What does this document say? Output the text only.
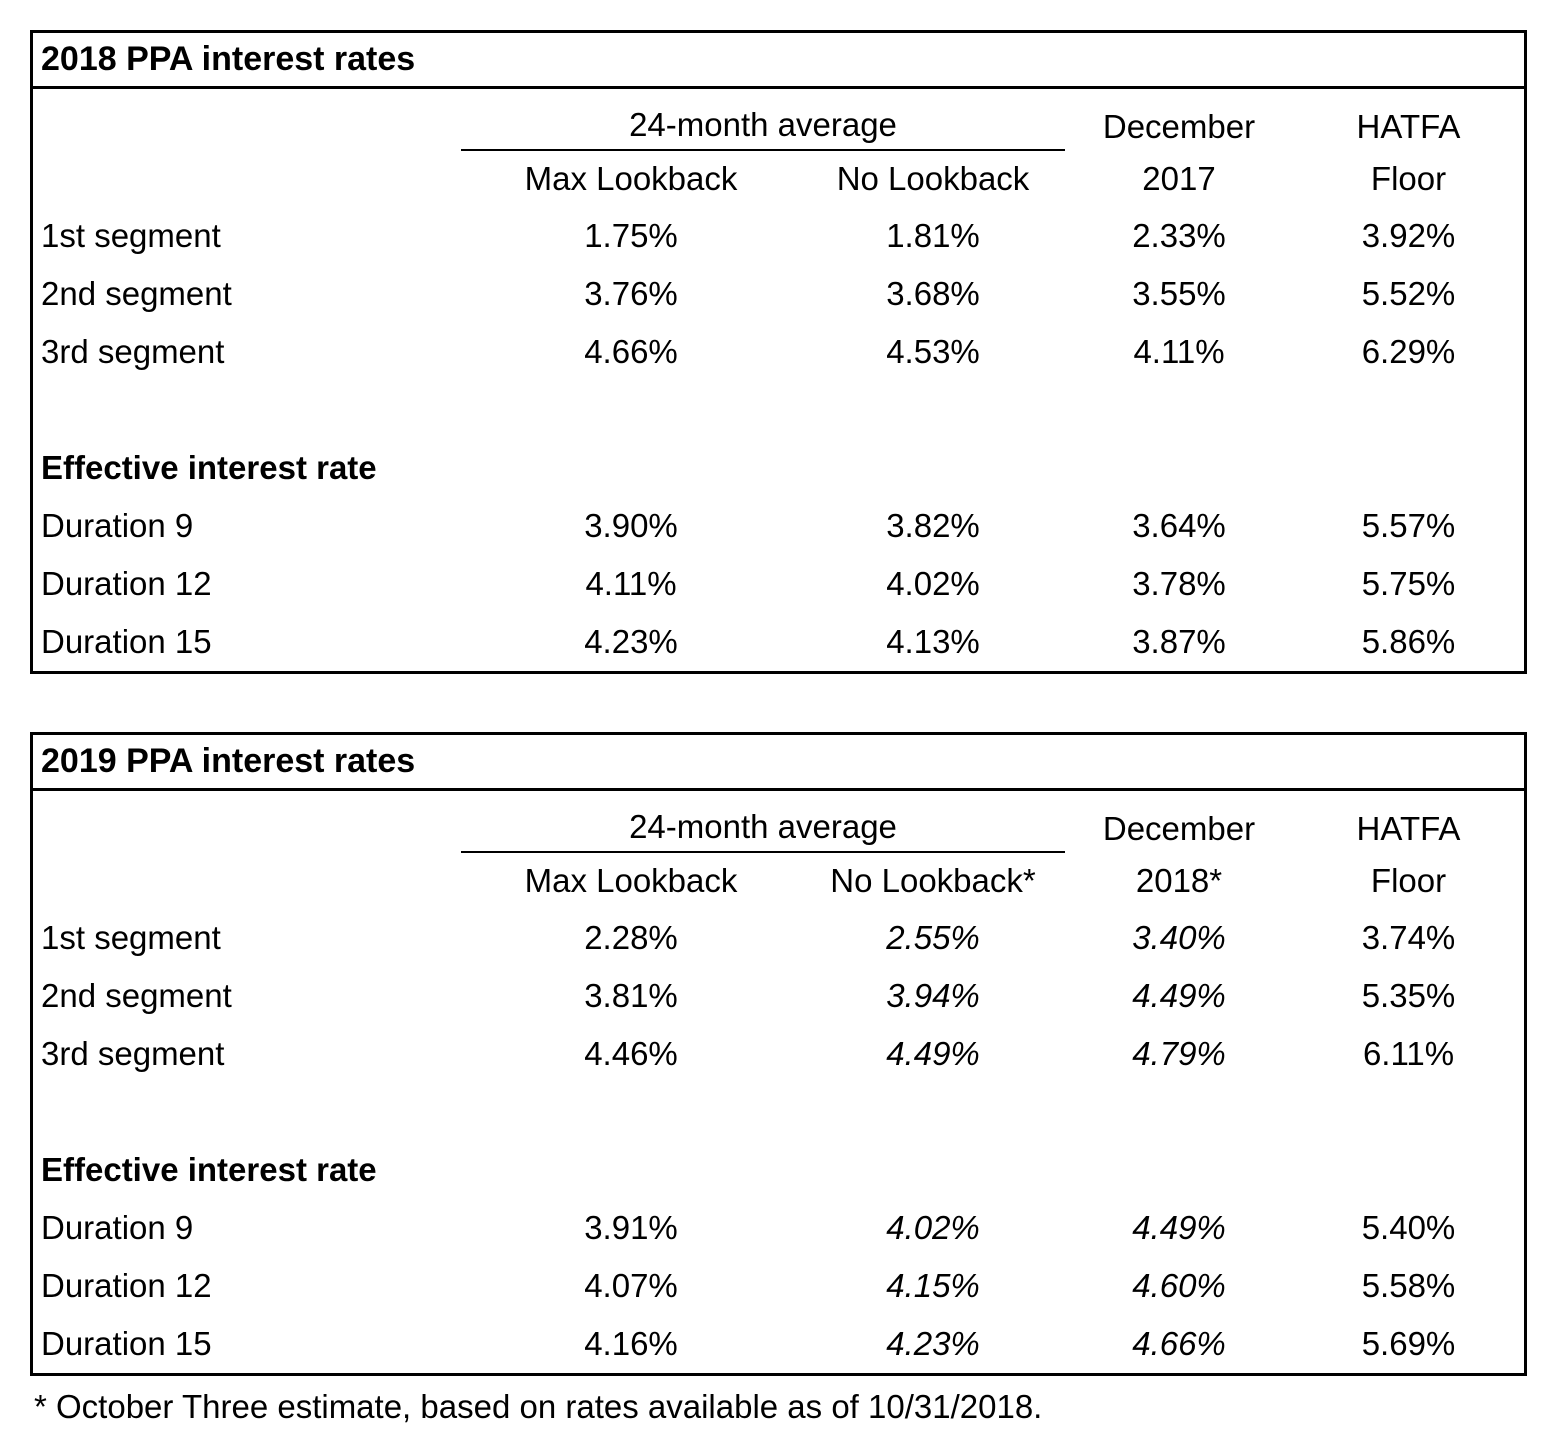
2018 PPA interest rates
24-month average	December	HATFA
Max Lookback	No Lookback	2017	Floor
1st segment	1.75%	1.81%	2.33%	3.92%
2nd segment	3.76%	3.68%	3.55%	5.52%
3rd segment	4.66%	4.53%	4.11%	6.29%
Effective interest rate
Duration 9	3.90%	3.82%	3.64%	5.57%
Duration 12	4.11%	4.02%	3.78%	5.75%
Duration 15	4.23%	4.13%	3.87%	5.86%
2019 PPA interest rates
24-month average	December	HATFA
Max Lookback	No Lookback*	2018*	Floor
1st segment	2.28%	2.55%	3.40%	3.74%
2nd segment	3.81%	3.94%	4.49%	5.35%
3rd segment	4.46%	4.49%	4.79%	6.11%
Effective interest rate
Duration 9	3.91%	4.02%	4.49%	5.40%
Duration 12	4.07%	4.15%	4.60%	5.58%
Duration 15	4.16%	4.23%	4.66%	5.69%
* October Three estimate, based on rates available as of 10/31/2018.
